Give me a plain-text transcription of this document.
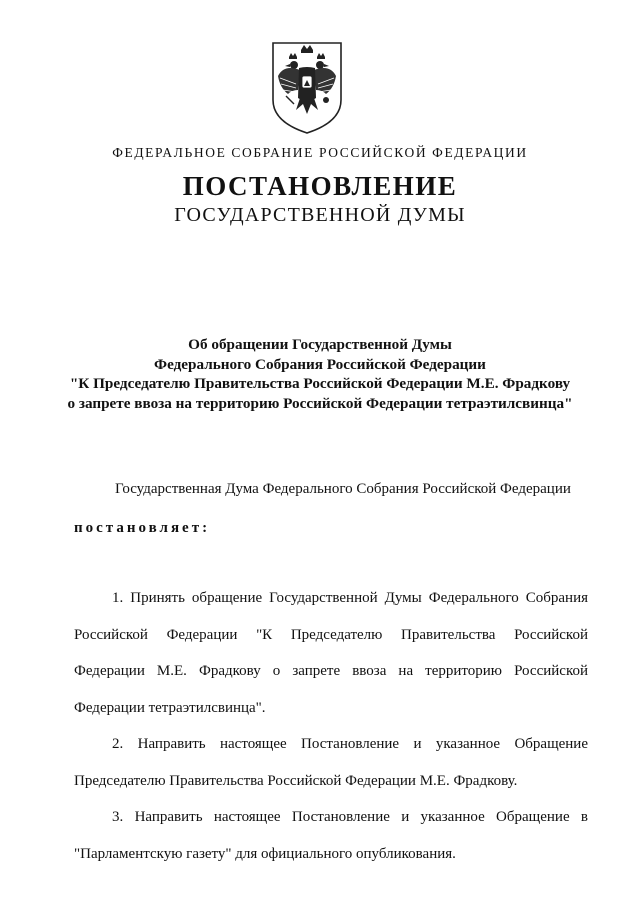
ФЕДЕРАЛЬНОЕ СОБРАНИЕ РОССИЙСКОЙ ФЕДЕРАЦИИ
ПОСТАНОВЛЕНИЕ
ГОСУДАРСТВЕННОЙ ДУМЫ
Об обращении Государственной Думы
Федерального Собрания Российской Федерации
"К Председателю Правительства Российской Федерации М.Е. Фрадкову
о запрете ввоза на территорию Российской Федерации тетраэтилсвинца"
Государственная Дума Федерального Собрания Российской Федерации
постановляет:

1. Принять обращение Государственной Думы Федерального Собрания Российской Федерации "К Председателю Правительства Российской Федерации М.Е. Фрадкову о запрете ввоза на территорию Российской Федерации тетраэтилсвинца".

2. Направить настоящее Постановление и указанное Обращение Председателю Правительства Российской Федерации М.Е. Фрадкову.

3. Направить настоящее Постановление и указанное Обращение в "Парламентскую газету" для официального опубликования.
